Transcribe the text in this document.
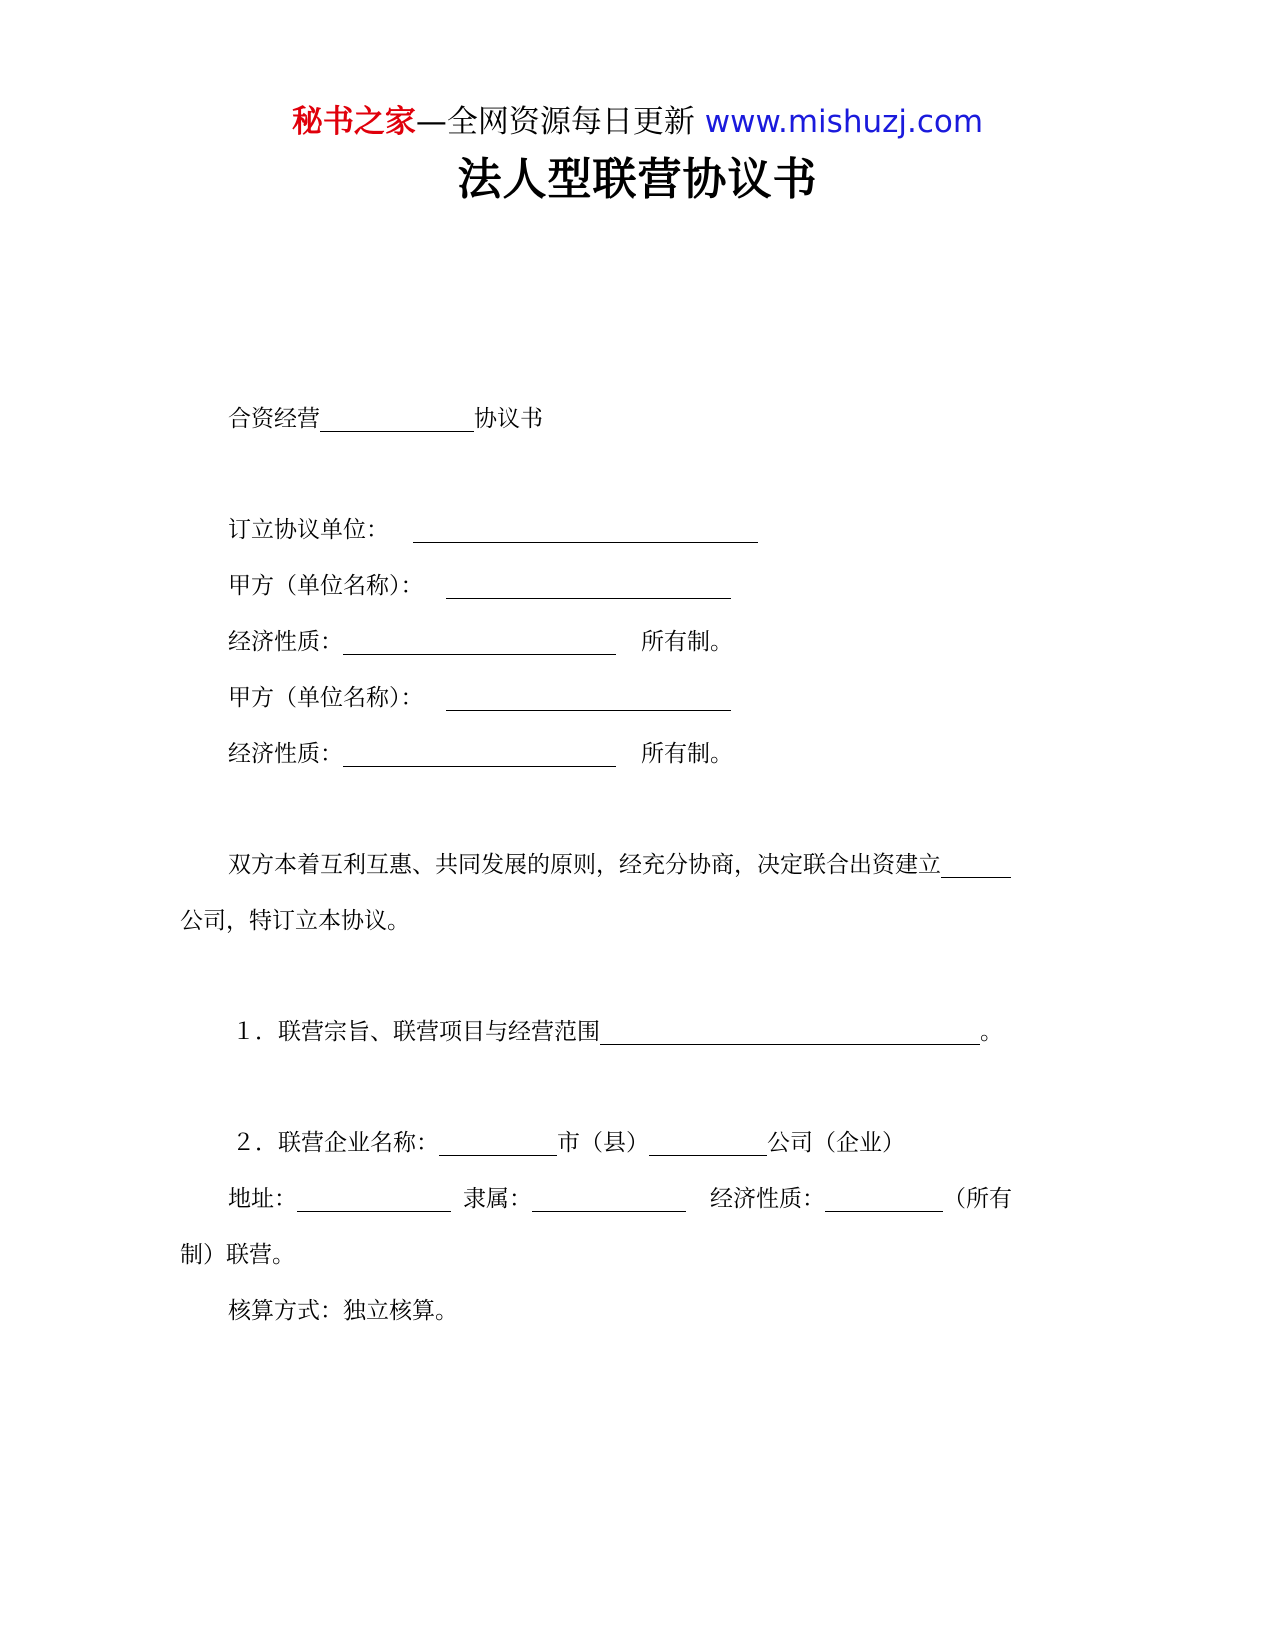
秘书之家—全网资源每日更新 www.mishuzj.com
法人型联营协议书
合资经营	协议书
订立协议单位：
甲方（单位名称）：
经济性质：	所有制。
甲方（单位名称）：
经济性质：	所有制。
双方本着互利互惠、共同发展的原则，经充分协商，决定联合出资建立
公司，特订立本协议。
１．联营宗旨、联营项目与经营范围	。
２．联营企业名称：	市（县）	公司（企业）
地址：	隶属：	经济性质：	（所有
制）联营。
核算方式：独立核算。
